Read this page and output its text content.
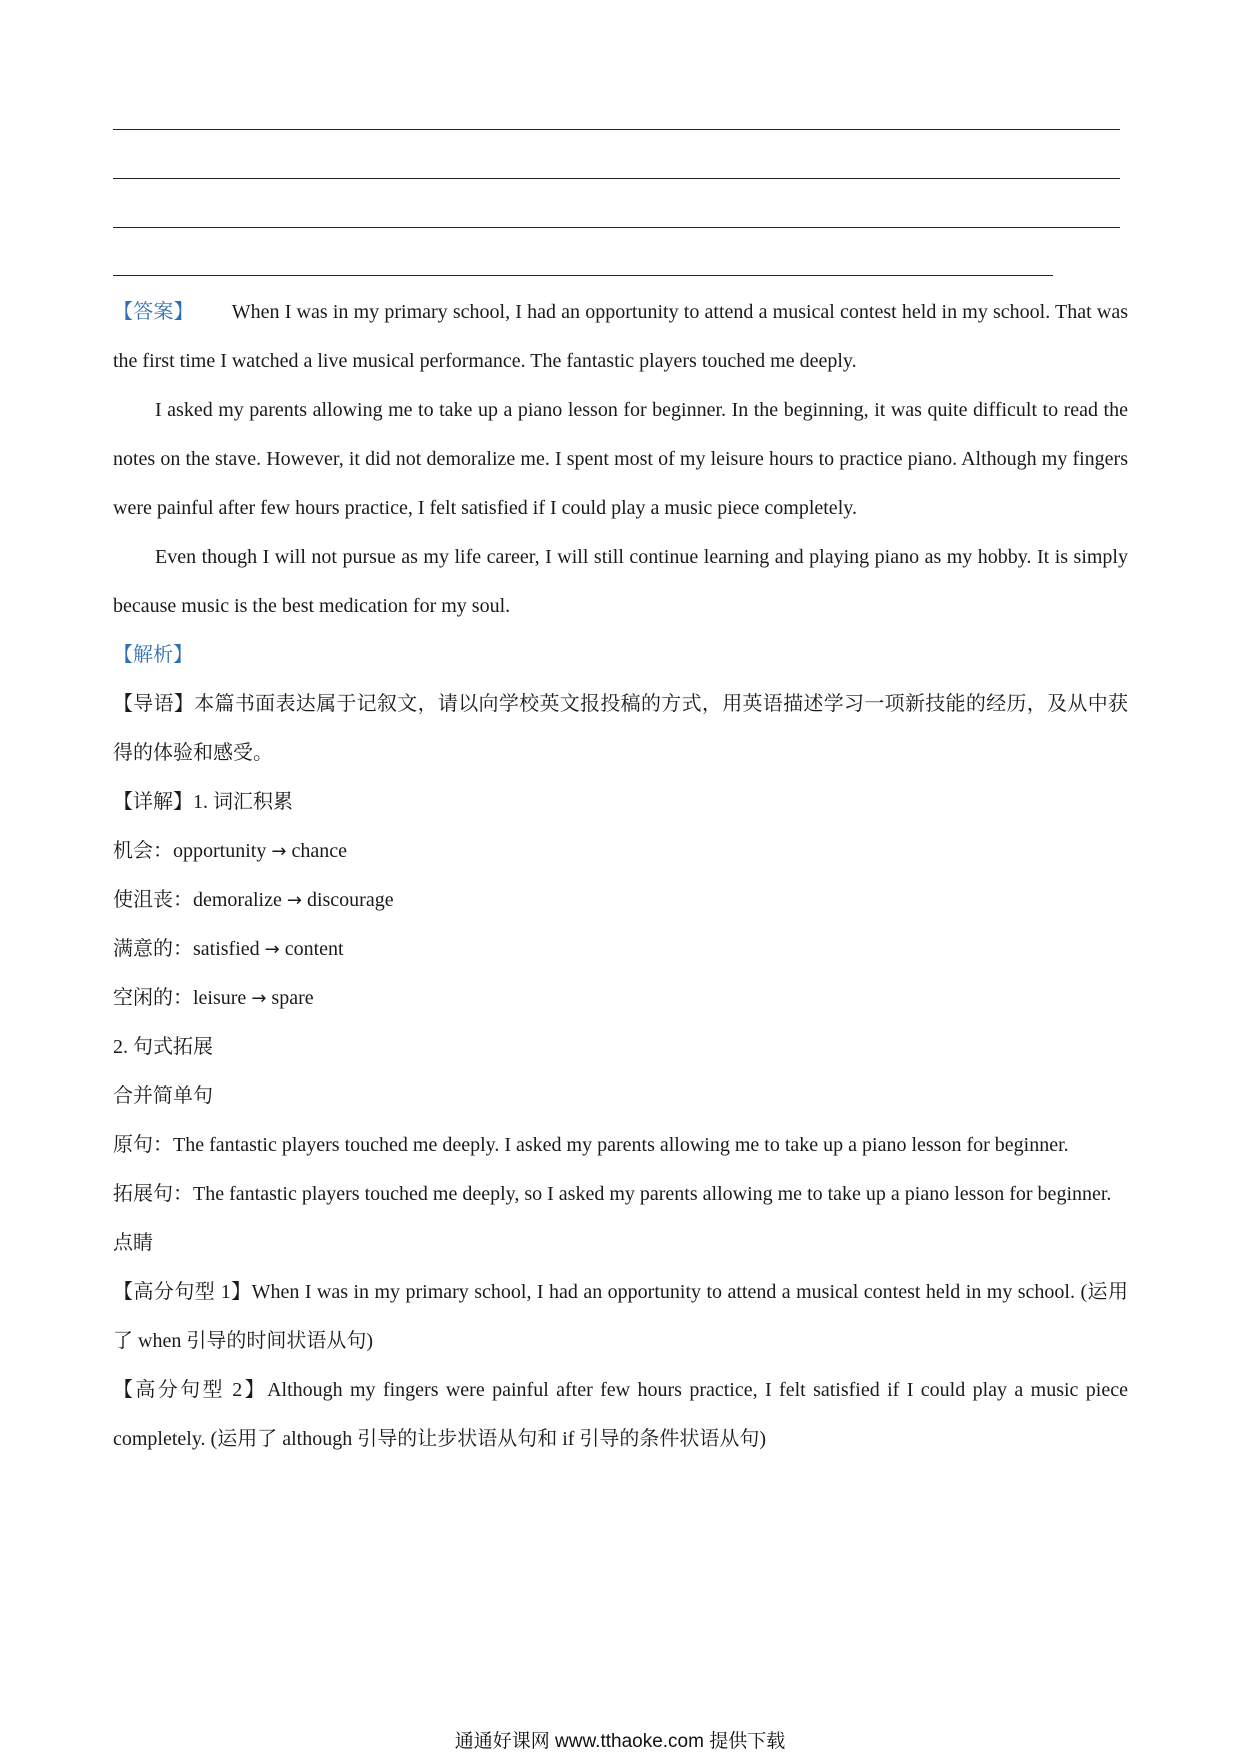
【答案】 When I was in my primary school, I had an opportunity to attend a musical contest held in my school. That was the first time I watched a live musical performance. The fantastic players touched me deeply.

I asked my parents allowing me to take up a piano lesson for beginner. In the beginning, it was quite difficult to read the notes on the stave. However, it did not demoralize me. I spent most of my leisure hours to practice piano. Although my fingers were painful after few hours practice, I felt satisfied if I could play a music piece completely.

Even though I will not pursue as my life career, I will still continue learning and playing piano as my hobby. It is simply because music is the best medication for my soul.

【解析】

【导语】本篇书面表达属于记叙文，请以向学校英文报投稿的方式，用英语描述学习一项新技能的经历，及从中获得的体验和感受。

【详解】1. 词汇积累

机会：opportunity → chance

使沮丧：demoralize → discourage

满意的：satisfied → content

空闲的：leisure → spare

2. 句式拓展

合并简单句

原句：The fantastic players touched me deeply. I asked my parents allowing me to take up a piano lesson for beginner.

拓展句：The fantastic players touched me deeply, so I asked my parents allowing me to take up a piano lesson for beginner.

点睛

【高分句型 1】When I was in my primary school, I had an opportunity to attend a musical contest held in my school. (运用了 when 引导的时间状语从句)

【高分句型 2】Although my fingers were painful after few hours practice, I felt satisfied if I could play a music piece completely. (运用了 although 引导的让步状语从句和 if 引导的条件状语从句)

通通好课网 www.tthaoke.com 提供下载
